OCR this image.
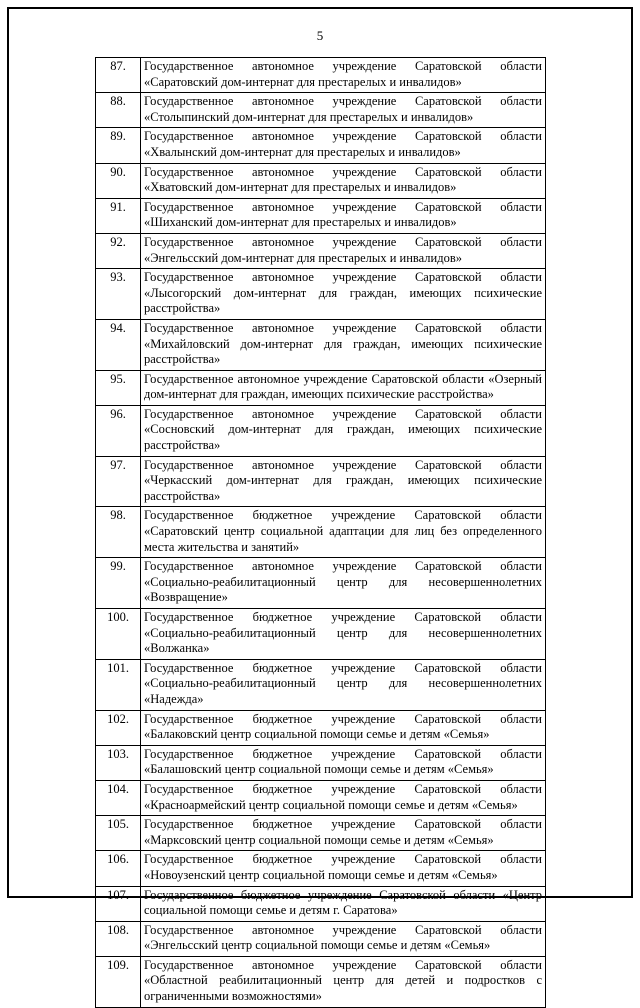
5
87.	Государственное автономное учреждение Саратовской области «Саратовский дом-интернат для престарелых и инвалидов»
88.	Государственное автономное учреждение Саратовской области «Столыпинский дом-интернат для престарелых и инвалидов»
89.	Государственное автономное учреждение Саратовской области «Хвалынский дом-интернат для престарелых и инвалидов»
90.	Государственное автономное учреждение Саратовской области «Хватовский дом-интернат для престарелых и инвалидов»
91.	Государственное автономное учреждение Саратовской области «Шиханский дом-интернат для престарелых и инвалидов»
92.	Государственное автономное учреждение Саратовской области «Энгельсский дом-интернат для престарелых и инвалидов»
93.	Государственное автономное учреждение Саратовской области «Лысогорский дом-интернат для граждан, имеющих психические расстройства»
94.	Государственное автономное учреждение Саратовской области «Михайловский дом-интернат для граждан, имеющих психические расстройства»
95.	Государственное автономное учреждение Саратовской области «Озерный дом-интернат для граждан, имеющих психические расстройства»
96.	Государственное автономное учреждение Саратовской области «Сосновский дом-интернат для граждан, имеющих психические расстройства»
97.	Государственное автономное учреждение Саратовской области «Черкасский дом-интернат для граждан, имеющих психические расстройства»
98.	Государственное бюджетное учреждение Саратовской области «Саратовский центр социальной адаптации для лиц без определенного места жительства и занятий»
99.	Государственное автономное учреждение Саратовской области «Социально-реабилитационный центр для несовершеннолетних «Возвращение»
100.	Государственное бюджетное учреждение Саратовской области «Социально-реабилитационный центр для несовершеннолетних «Волжанка»
101.	Государственное бюджетное учреждение Саратовской области «Социально-реабилитационный центр для несовершеннолетних «Надежда»
102.	Государственное бюджетное учреждение Саратовской области «Балаковский центр социальной помощи семье и детям «Семья»
103.	Государственное бюджетное учреждение Саратовской области «Балашовский центр социальной помощи семье и детям «Семья»
104.	Государственное бюджетное учреждение Саратовской области «Красноармейский центр социальной помощи семье и детям «Семья»
105.	Государственное бюджетное учреждение Саратовской области «Марксовский центр социальной помощи семье и детям «Семья»
106.	Государственное бюджетное учреждение Саратовской области «Новоузенский центр социальной помощи семье и детям «Семья»
107.	Государственное бюджетное учреждение Саратовской области «Центр социальной помощи семье и детям г. Саратова»
108.	Государственное автономное учреждение Саратовской области «Энгельсский центр социальной помощи семье и детям «Семья»
109.	Государственное автономное учреждение Саратовской области «Областной реабилитационный центр для детей и подростков с ограниченными возможностями»
